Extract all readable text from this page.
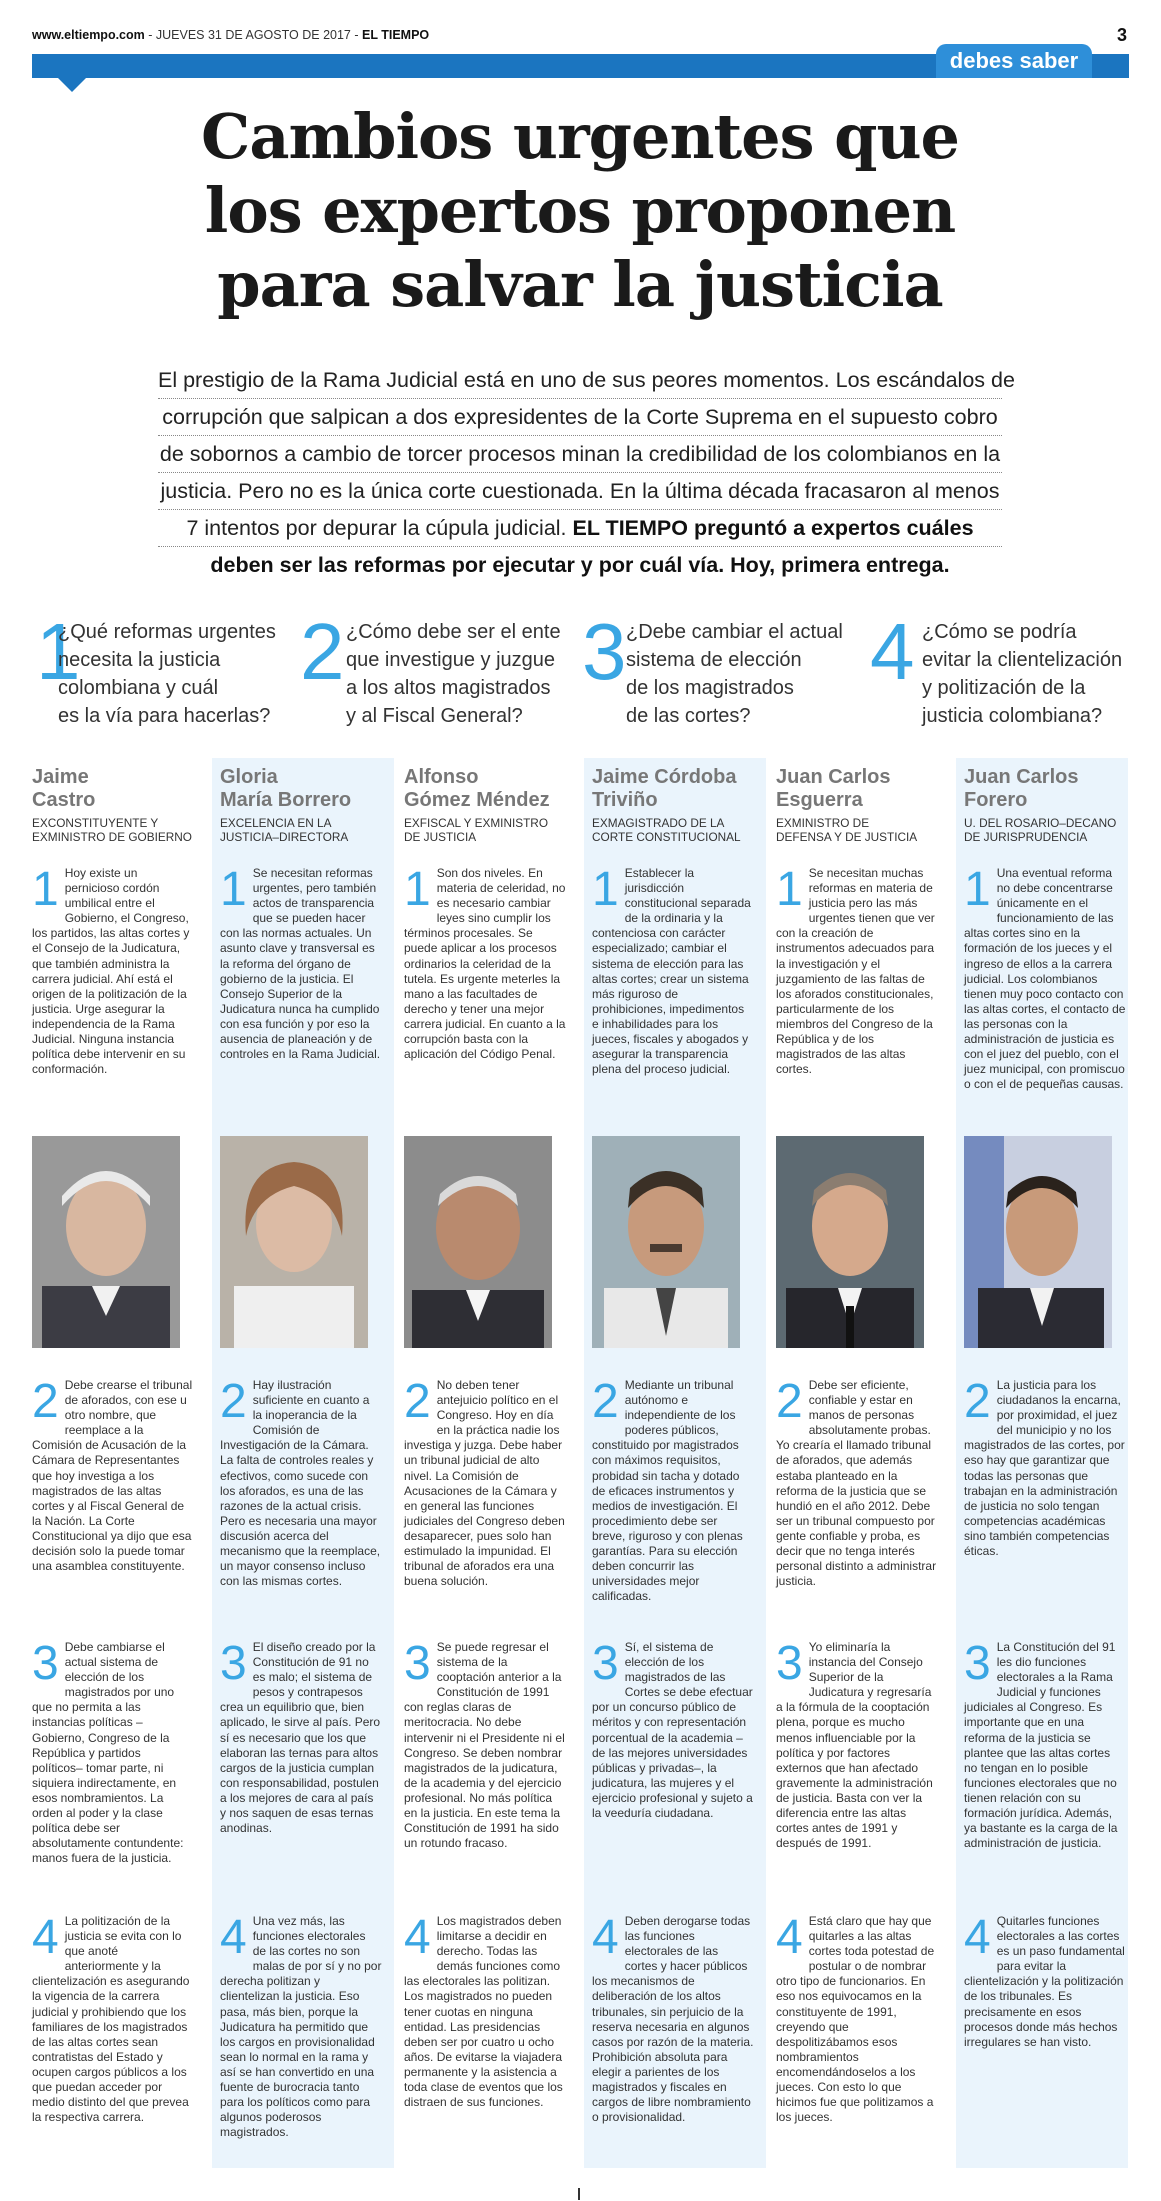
www.eltiempo.com - JUEVES 31 DE AGOSTO DE 2017 - EL TIEMPO	3
debes saber
Cambios urgentes que
los expertos proponen
para salvar la justicia
El prestigio de la Rama Judicial está en uno de sus peores momentos. Los escándalos de
corrupción que salpican a dos expresidentes de la Corte Suprema en el supuesto cobro
de sobornos a cambio de torcer procesos minan la credibilidad de los colombianos en la
justicia. Pero no es la única corte cuestionada. En la última década fracasaron al menos
7 intentos por depurar la cúpula judicial. EL TIEMPO preguntó a expertos cuáles
deben ser las reformas por ejecutar y por cuál vía. Hoy, primera entrega.
1
¿Qué reformas urgentes
necesita la justicia
colombiana y cuál
es la vía para hacerlas?
2 ¿Cómo debe ser el ente
que investigue y juzgue
a los altos magistrados
y al Fiscal General?
3 ¿Debe cambiar el actual
sistema de elección
de los magistrados
de las cortes?
4 ¿Cómo se podría
evitar la clientelización
y politización de la
justicia colombiana?
Jaime
Castro
EXCONSTITUYENTE Y
EXMINISTRO DE GOBIERNO
1 Hoy existe un pernicioso cordón umbilical entre el Gobierno, el Congreso, los partidos, las altas cortes y el Consejo de la Judicatura, que también administra la carrera judicial. Ahí está el origen de la politización de la justicia. Urge asegurar la independencia de la Rama Judicial. Ninguna instancia política debe intervenir en su conformación.
2 Debe crearse el tribunal de aforados, con ese u otro nombre, que reemplace a la Comisión de Acusación de la Cámara de Representantes que hoy investiga a los magistrados de las altas cortes y al Fiscal General de la Nación. La Corte Constitucional ya dijo que esa decisión solo la puede tomar una asamblea constituyente.
3 Debe cambiarse el actual sistema de elección de los magistrados por uno que no permita a las instancias políticas –Gobierno, Congreso de la República y partidos políticos– tomar parte, ni siquiera indirectamente, en esos nombramientos. La orden al poder y la clase política debe ser absolutamente contundente: manos fuera de la justicia.
4 La politización de la justicia se evita con lo que anoté anteriormente y la clientelización es asegurando la vigencia de la carrera judicial y prohibiendo que los familiares de los magistrados de las altas cortes sean contratistas del Estado y ocupen cargos públicos a los que puedan acceder por medio distinto del que prevea la respectiva carrera.
Gloria
María Borrero
EXCELENCIA EN LA
JUSTICIA–DIRECTORA
1 Se necesitan reformas urgentes, pero también actos de transparencia que se pueden hacer con las normas actuales. Un asunto clave y transversal es la reforma del órgano de gobierno de la justicia. El Consejo Superior de la Judicatura nunca ha cumplido con esa función y por eso la ausencia de planeación y de controles en la Rama Judicial.
2 Hay ilustración suficiente en cuanto a la inoperancia de la Comisión de Investigación de la Cámara. La falta de controles reales y efectivos, como sucede con los aforados, es una de las razones de la actual crisis. Pero es necesaria una mayor discusión acerca del mecanismo que la reemplace, un mayor consenso incluso con las mismas cortes.
3 El diseño creado por la Constitución de 91 no es malo; el sistema de pesos y contrapesos crea un equilibrio que, bien aplicado, le sirve al país. Pero sí es necesario que los que elaboran las ternas para altos cargos de la justicia cumplan con responsabilidad, postulen a los mejores de cara al país y nos saquen de esas ternas anodinas.
4 Una vez más, las funciones electorales de las cortes no son malas de por sí y no por derecha politizan y clientelizan la justicia. Eso pasa, más bien, porque la Judicatura ha permitido que los cargos en provisionalidad sean lo normal en la rama y así se han convertido en una fuente de burocracia tanto para los políticos como para algunos poderosos magistrados.
Alfonso
Gómez Méndez
EXFISCAL Y EXMINISTRO
DE JUSTICIA
1 Son dos niveles. En materia de celeridad, no es necesario cambiar leyes sino cumplir los términos procesales. Se puede aplicar a los procesos ordinarios la celeridad de la tutela. Es urgente meterles la mano a las facultades de derecho y tener una mejor carrera judicial. En cuanto a la corrupción basta con la aplicación del Código Penal.
2 No deben tener antejuicio político en el Congreso. Hoy en día en la práctica nadie los investiga y juzga. Debe haber un tribunal judicial de alto nivel. La Comisión de Acusaciones de la Cámara y en general las funciones judiciales del Congreso deben desaparecer, pues solo han estimulado la impunidad. El tribunal de aforados era una buena solución.
3 Se puede regresar el sistema de la cooptación anterior a la Constitución de 1991 con reglas claras de meritocracia. No debe intervenir ni el Presidente ni el Congreso. Se deben nombrar magistrados de la judicatura, de la academia y del ejercicio profesional. No más política en la justicia. En este tema la Constitución de 1991 ha sido un rotundo fracaso.
4 Los magistrados deben limitarse a decidir en derecho. Todas las demás funciones como las electorales las politizan. Los magistrados no pueden tener cuotas en ninguna entidad. Las presidencias deben ser por cuatro u ocho años. De evitarse la viajadera permanente y la asistencia a toda clase de eventos que los distraen de sus funciones.
Jaime Córdoba
Triviño
EXMAGISTRADO DE LA
CORTE CONSTITUCIONAL
1 Establecer la jurisdicción constitucional separada de la ordinaria y la contenciosa con carácter especializado; cambiar el sistema de elección para las altas cortes; crear un sistema más riguroso de prohibiciones, impedimentos e inhabilidades para los jueces, fiscales y abogados y asegurar la transparencia plena del proceso judicial.
2 Mediante un tribunal autónomo e independiente de los poderes públicos, constituido por magistrados con máximos requisitos, probidad sin tacha y dotado de eficaces instrumentos y medios de investigación. El procedimiento debe ser breve, riguroso y con plenas garantías. Para su elección deben concurrir las universidades mejor calificadas.
3 Sí, el sistema de elección de los magistrados de las Cortes se debe efectuar por un concurso público de méritos y con representación porcentual de la academia –de las mejores universidades públicas y privadas–, la judicatura, las mujeres y el ejercicio profesional y sujeto a la veeduría ciudadana.
4 Deben derogarse todas las funciones electorales de las cortes y hacer públicos los mecanismos de deliberación de los altos tribunales, sin perjuicio de la reserva necesaria en algunos casos por razón de la materia. Prohibición absoluta para elegir a parientes de los magistrados y fiscales en cargos de libre nombramiento o provisionalidad.
Juan Carlos
Esguerra
EXMINISTRO DE
DEFENSA Y DE JUSTICIA
1 Se necesitan muchas reformas en materia de justicia pero las más urgentes tienen que ver con la creación de instrumentos adecuados para la investigación y el juzgamiento de las faltas de los aforados constitucionales, particularmente de los miembros del Congreso de la República y de los magistrados de las altas cortes.
2 Debe ser eficiente, confiable y estar en manos de personas absolutamente probas. Yo crearía el llamado tribunal de aforados, que además estaba planteado en la reforma de la justicia que se hundió en el año 2012. Debe ser un tribunal compuesto por gente confiable y proba, es decir que no tenga interés personal distinto a administrar justicia.
3 Yo eliminaría la instancia del Consejo Superior de la Judicatura y regresaría a la fórmula de la cooptación plena, porque es mucho menos influenciable por la política y por factores externos que han afectado gravemente la administración de justicia. Basta con ver la diferencia entre las altas cortes antes de 1991 y después de 1991.
4 Está claro que hay que quitarles a las altas cortes toda potestad de postular o de nombrar otro tipo de funcionarios. En eso nos equivocamos en la constituyente de 1991, creyendo que despolitizábamos esos nombramientos encomendándoselos a los jueces. Con esto lo que hicimos fue que politizamos a los jueces.
Juan Carlos
Forero
U. DEL ROSARIO–DECANO
DE JURISPRUDENCIA
1 Una eventual reforma no debe concentrarse únicamente en el funcionamiento de las altas cortes sino en la formación de los jueces y el ingreso de ellos a la carrera judicial. Los colombianos tienen muy poco contacto con las altas cortes, el contacto de las personas con la administración de justicia es con el juez del pueblo, con el juez municipal, con promiscuo o con el de pequeñas causas.
2 La justicia para los ciudadanos la encarna, por proximidad, el juez del municipio y no los magistrados de las cortes, por eso hay que garantizar que todas las personas que trabajan en la administración de justicia no solo tengan competencias académicas sino también competencias éticas.
3 La Constitución del 91 les dio funciones electorales a la Rama Judicial y funciones judiciales al Congreso. Es importante que en una reforma de la justicia se plantee que las altas cortes no tengan en lo posible funciones electorales que no tienen relación con su formación jurídica. Además, ya bastante es la carga de la administración de justicia.
4 Quitarles funciones electorales a las cortes es un paso fundamental para evitar la clientelización y la politización de los tribunales. Es precisamente en esos procesos donde más hechos irregulares se han visto.
